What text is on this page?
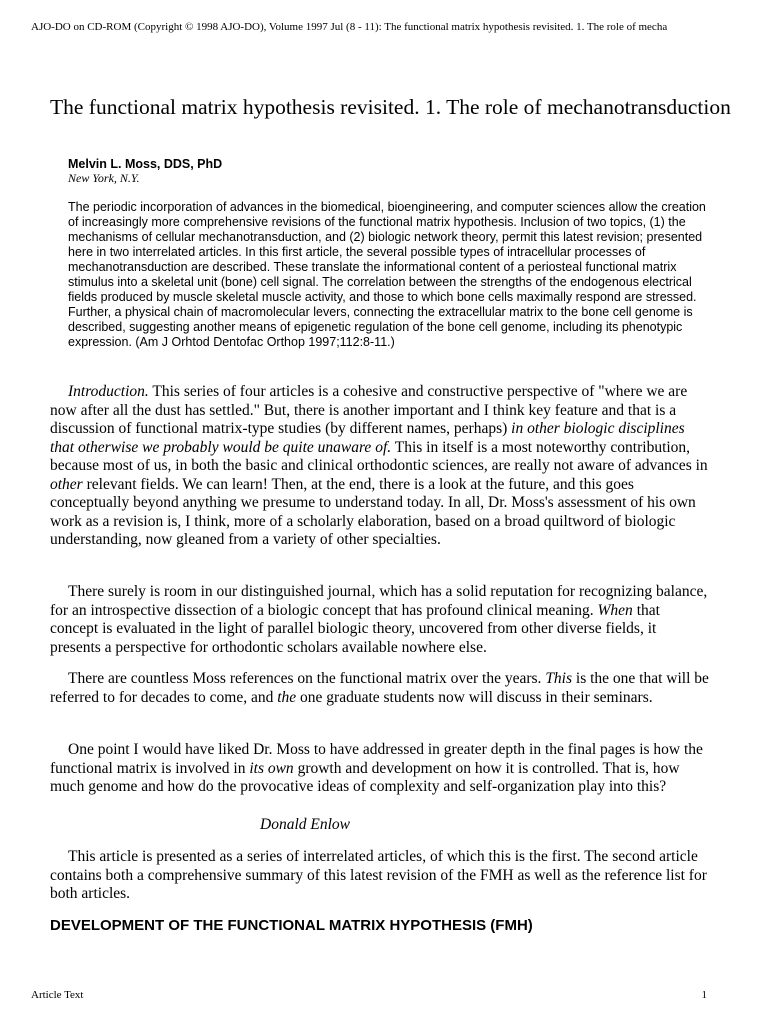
AJO-DO on CD-ROM (Copyright © 1998 AJO-DO), Volume 1997 Jul (8 - 11): The functional matrix hypothesis revisited. 1. The role of mecha
The functional matrix hypothesis revisited. 1. The role of mechanotransduction
Melvin L. Moss, DDS, PhD
New York, N.Y.

The periodic incorporation of advances in the biomedical, bioengineering, and computer sciences allow the creation of increasingly more comprehensive revisions of the functional matrix hypothesis. Inclusion of two topics, (1) the mechanisms of cellular mechanotransduction, and (2) biologic network theory, permit this latest revision; presented here in two interrelated articles. In this first article, the several possible types of intracellular processes of mechanotransduction are described. These translate the informational content of a periosteal functional matrix stimulus into a skeletal unit (bone) cell signal. The correlation between the strengths of the endogenous electrical fields produced by muscle skeletal muscle activity, and those to which bone cells maximally respond are stressed. Further, a physical chain of macromolecular levers, connecting the extracellular matrix to the bone cell genome is described, suggesting another means of epigenetic regulation of the bone cell genome, including its phenotypic expression. (Am J Orhtod Dentofac Orthop 1997;112:8-11.)

Introduction. This series of four articles is a cohesive and constructive perspective of "where we are now after all the dust has settled." But, there is another important and I think key feature and that is a discussion of functional matrix-type studies (by different names, perhaps) in other biologic disciplines that otherwise we probably would be quite unaware of. This in itself is a most noteworthy contribution, because most of us, in both the basic and clinical orthodontic sciences, are really not aware of advances in other relevant fields. We can learn! Then, at the end, there is a look at the future, and this goes conceptually beyond anything we presume to understand today. In all, Dr. Moss's assessment of his own work as a revision is, I think, more of a scholarly elaboration, based on a broad quiltword of biologic understanding, now gleaned from a variety of other specialties.

There surely is room in our distinguished journal, which has a solid reputation for recognizing balance, for an introspective dissection of a biologic concept that has profound clinical meaning. When that concept is evaluated in the light of parallel biologic theory, uncovered from other diverse fields, it presents a perspective for orthodontic scholars available nowhere else.

There are countless Moss references on the functional matrix over the years. This is the one that will be referred to for decades to come, and the one graduate students now will discuss in their seminars.

One point I would have liked Dr. Moss to have addressed in greater depth in the final pages is how the functional matrix is involved in its own growth and development on how it is controlled. That is, how much genome and how do the provocative ideas of complexity and self-organization play into this?

Donald Enlow

This article is presented as a series of interrelated articles, of which this is the first. The second article contains both a comprehensive summary of this latest revision of the FMH as well as the reference list for both articles.

DEVELOPMENT OF THE FUNCTIONAL MATRIX HYPOTHESIS (FMH)
Article Text	1
